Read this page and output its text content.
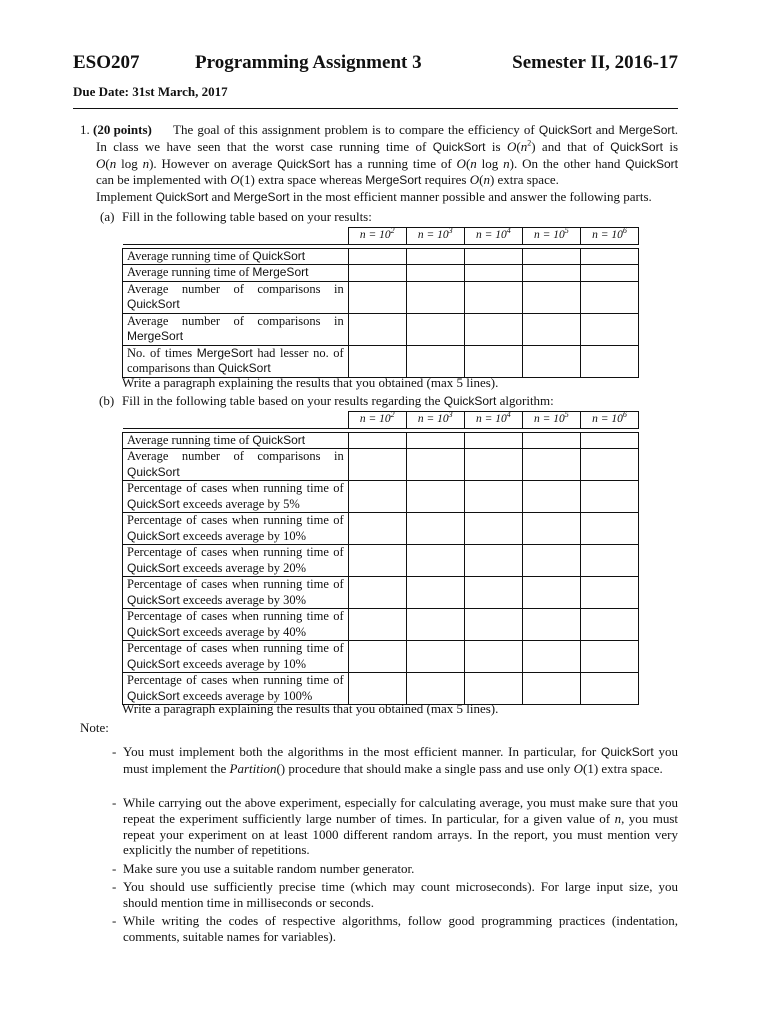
ESO207	Programming Assignment 3	Semester II, 2016-17
Due Date: 31st March, 2017
1. (20 points)	The goal of this assignment problem is to compare the efficiency of QuickSort and MergeSort.
In class we have seen that the worst case running time of QuickSort is $O(n^2)$ and that of QuickSort is
O(n log n). However on average QuickSort has a running time of O(n log n). On the other hand QuickSort
can be implemented with O(1) extra space whereas MergeSort requires O(n) extra space.
Implement QuickSort and MergeSort in the most efficient manner possible and answer the following parts.
(a) Fill in the following table based on your results:
	$n = 10^2$	$n = 10^3$	$n = 10^4$	$n = 10^5$	$n = 10^6$

Average running time of QuickSort					
Average running time of MergeSort					
Average number of comparisons in QuickSort					
Average number of comparisons in MergeSort					
No. of times MergeSort had lesser no. of comparisons than QuickSort					
Write a paragraph explaining the results that you obtained (max 5 lines).
(b) Fill in the following table based on your results regarding the QuickSort algorithm:
	$n = 10^2$	$n = 10^3$	$n = 10^4$	$n = 10^5$	$n = 10^6$

Average running time of QuickSort					
Average number of comparisons in QuickSort					
Percentage of cases when running time of QuickSort exceeds average by 5%					
Percentage of cases when running time of QuickSort exceeds average by 10%					
Percentage of cases when running time of QuickSort exceeds average by 20%					
Percentage of cases when running time of QuickSort exceeds average by 30%					
Percentage of cases when running time of QuickSort exceeds average by 40%					
Percentage of cases when running time of QuickSort exceeds average by 10%					
Percentage of cases when running time of QuickSort exceeds average by 100%					
Write a paragraph explaining the results that you obtained (max 5 lines).
Note:
- You must implement both the algorithms in the most efficient manner. In particular, for QuickSort you must implement the Partition() procedure that should make a single pass and use only O(1) extra space.
- While carrying out the above experiment, especially for calculating average, you must make sure that you repeat the experiment sufficiently large number of times. In particular, for a given value of n, you must repeat your experiment on at least 1000 different random arrays. In the report, you must mention very explicitly the number of repetitions.
- Make sure you use a suitable random number generator.
- You should use sufficiently precise time (which may count microseconds). For large input size, you should mention time in milliseconds or seconds.
- While writing the codes of respective algorithms, follow good programming practices (indentation, comments, suitable names for variables).
